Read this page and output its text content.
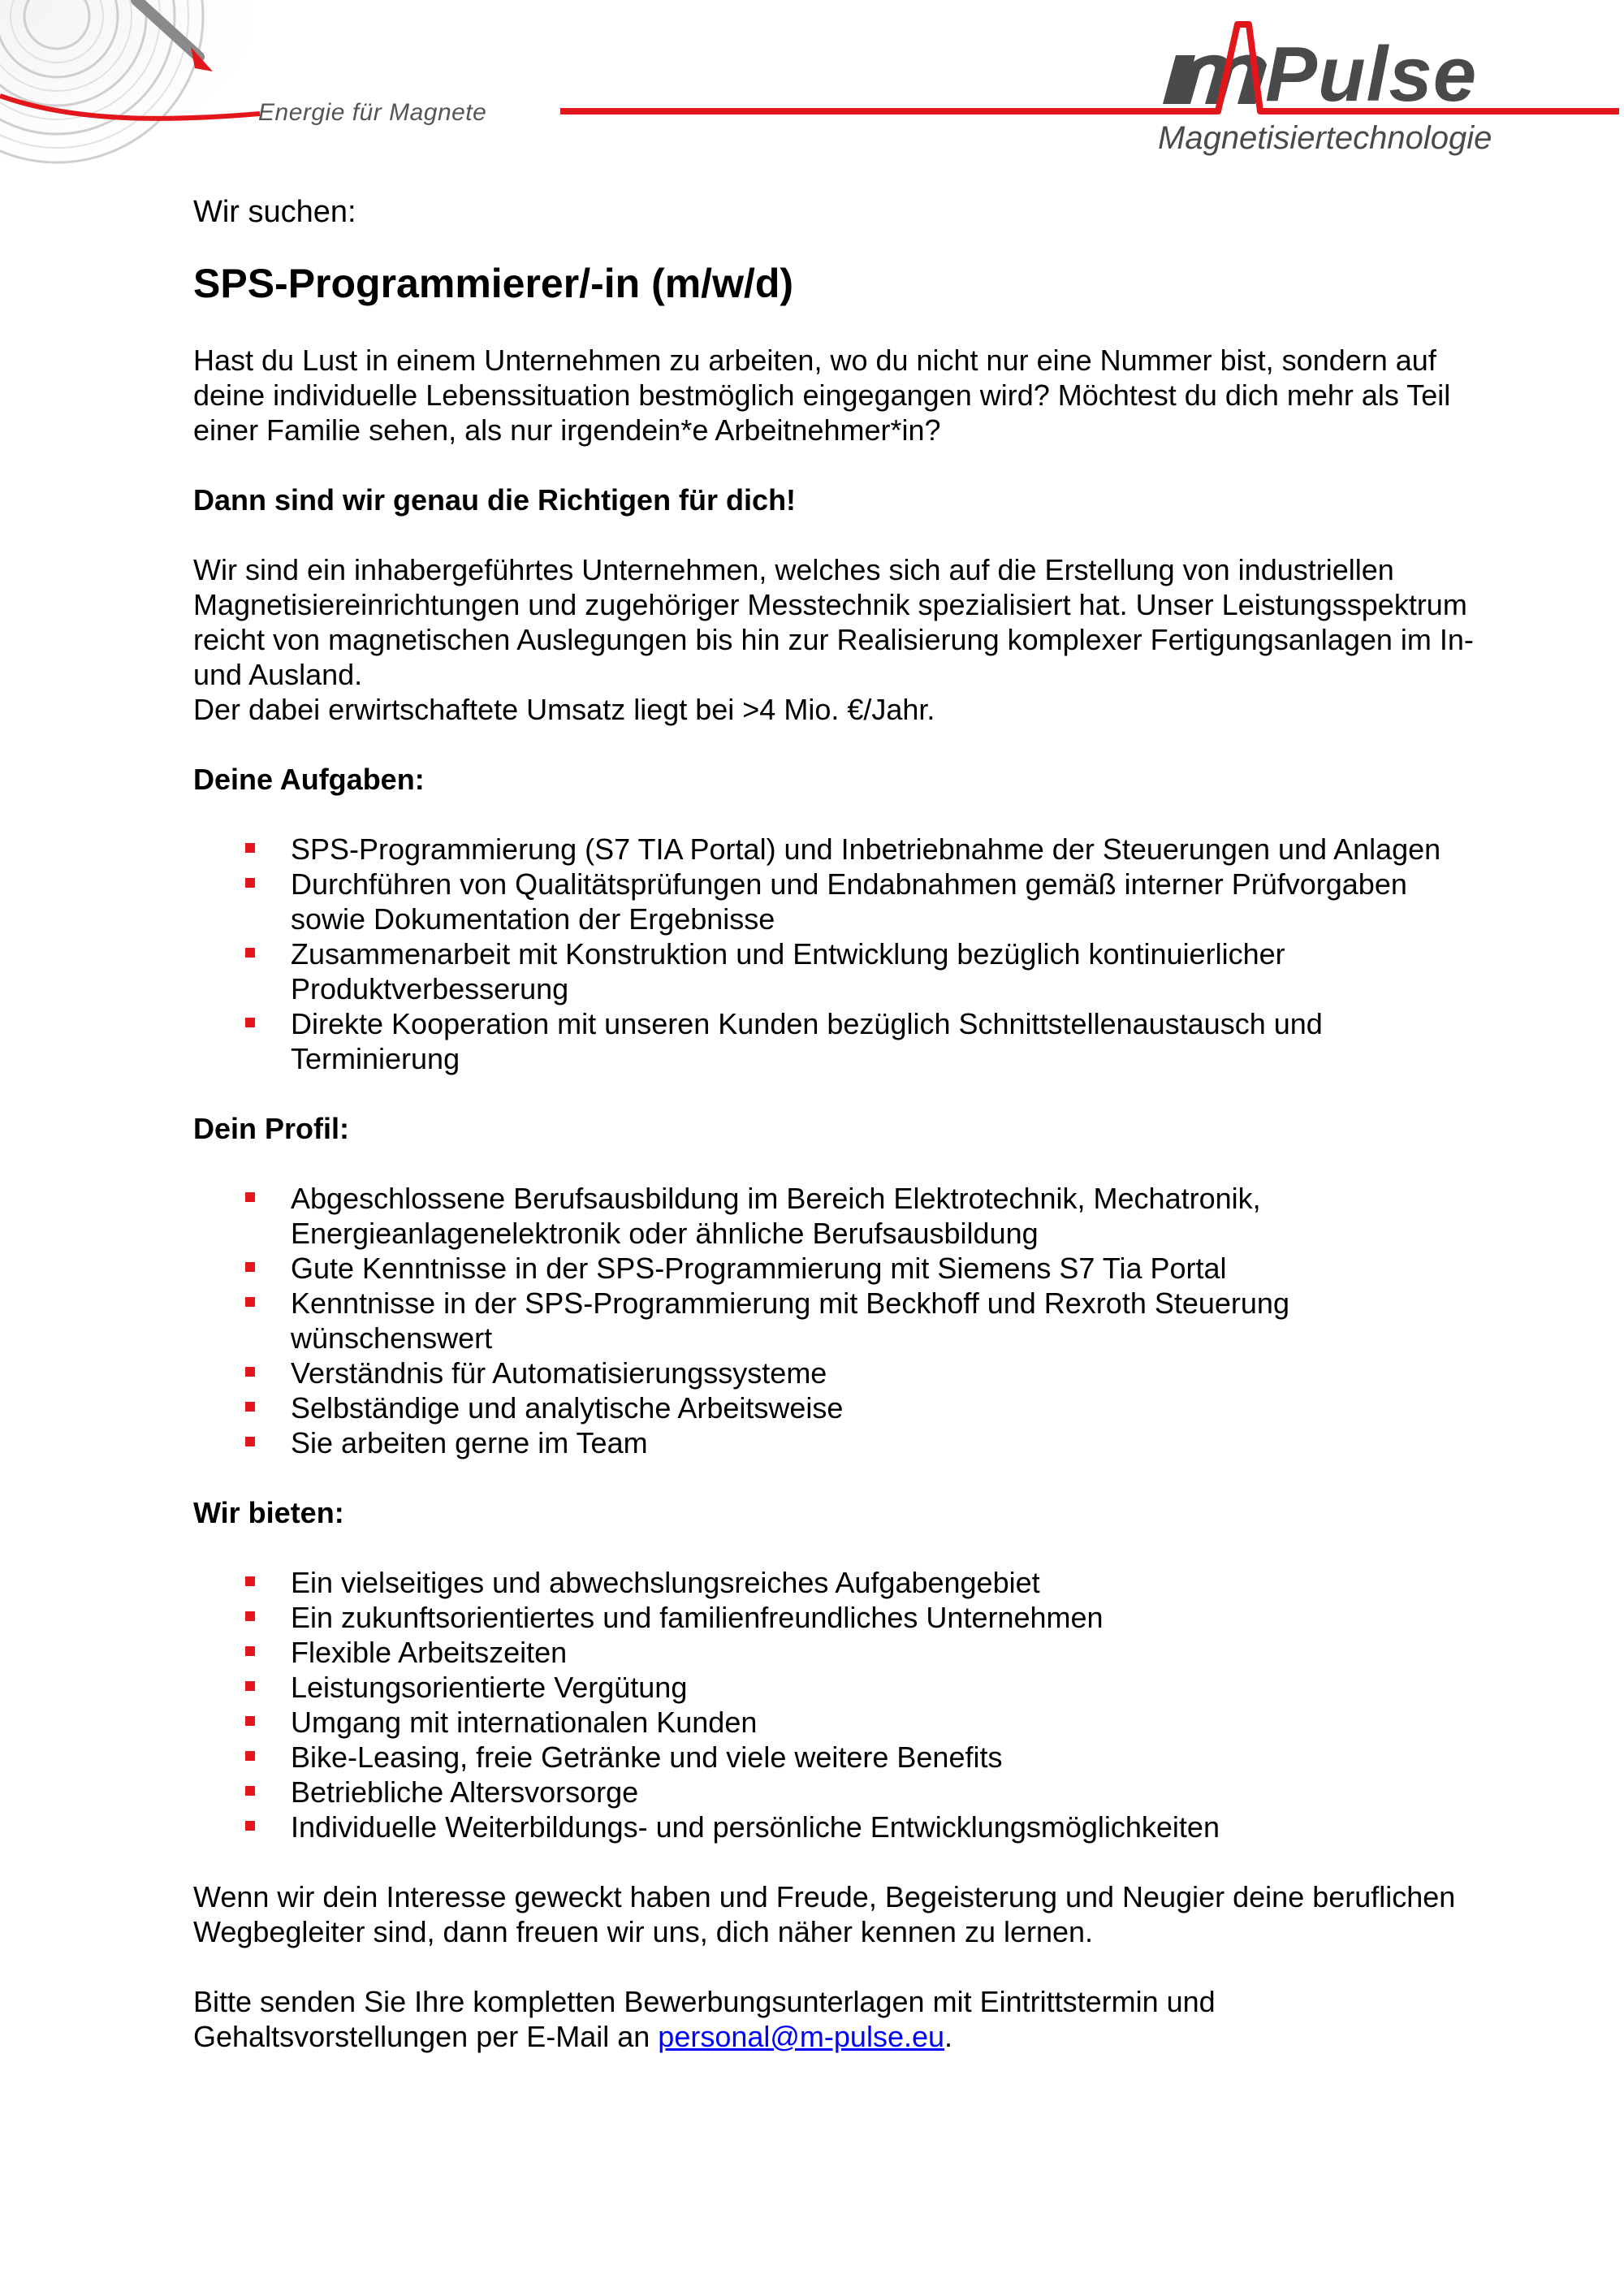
Energie für Magnete	Pulse
Magnetisiertechnologie
Wir suchen:
SPS-Programmierer/-in (m/w/d)

Hast du Lust in einem Unternehmen zu arbeiten, wo du nicht nur eine Nummer bist, sondern auf deine individuelle Lebenssituation bestmöglich eingegangen wird? Möchtest du dich mehr als Teil einer Familie sehen, als nur irgendein*e Arbeitnehmer*in?

Dann sind wir genau die Richtigen für dich!

Wir sind ein inhabergeführtes Unternehmen, welches sich auf die Erstellung von industriellen Magnetisiereinrichtungen und zugehöriger Messtechnik spezialisiert hat. Unser Leistungsspektrum reicht von magnetischen Auslegungen bis hin zur Realisierung komplexer Fertigungsanlagen im In- und Ausland.
Der dabei erwirtschaftete Umsatz liegt bei >4 Mio. €/Jahr.

Deine Aufgaben:
SPS-Programmierung (S7 TIA Portal) und Inbetriebnahme der Steuerungen und Anlagen
Durchführen von Qualitätsprüfungen und Endabnahmen gemäß interner Prüfvorgaben sowie Dokumentation der Ergebnisse
Zusammenarbeit mit Konstruktion und Entwicklung bezüglich kontinuierlicher Produktverbesserung
Direkte Kooperation mit unseren Kunden bezüglich Schnittstellenaustausch und Terminierung
Dein Profil:
Abgeschlossene Berufsausbildung im Bereich Elektrotechnik, Mechatronik, Energieanlagenelektronik oder ähnliche Berufsausbildung
Gute Kenntnisse in der SPS-Programmierung mit Siemens S7 Tia Portal
Kenntnisse in der SPS-Programmierung mit Beckhoff und Rexroth Steuerung wünschenswert
Verständnis für Automatisierungssysteme
Selbständige und analytische Arbeitsweise
Sie arbeiten gerne im Team
Wir bieten:
Ein vielseitiges und abwechslungsreiches Aufgabengebiet
Ein zukunftsorientiertes und familienfreundliches Unternehmen
Flexible Arbeitszeiten
Leistungsorientierte Vergütung
Umgang mit internationalen Kunden
Bike-Leasing, freie Getränke und viele weitere Benefits
Betriebliche Altersvorsorge
Individuelle Weiterbildungs- und persönliche Entwicklungsmöglichkeiten

Wenn wir dein Interesse geweckt haben und Freude, Begeisterung und Neugier deine beruflichen Wegbegleiter sind, dann freuen wir uns, dich näher kennen zu lernen.

Bitte senden Sie Ihre kompletten Bewerbungsunterlagen mit Eintrittstermin und Gehaltsvorstellungen per E-Mail an personal@m-pulse.eu.
